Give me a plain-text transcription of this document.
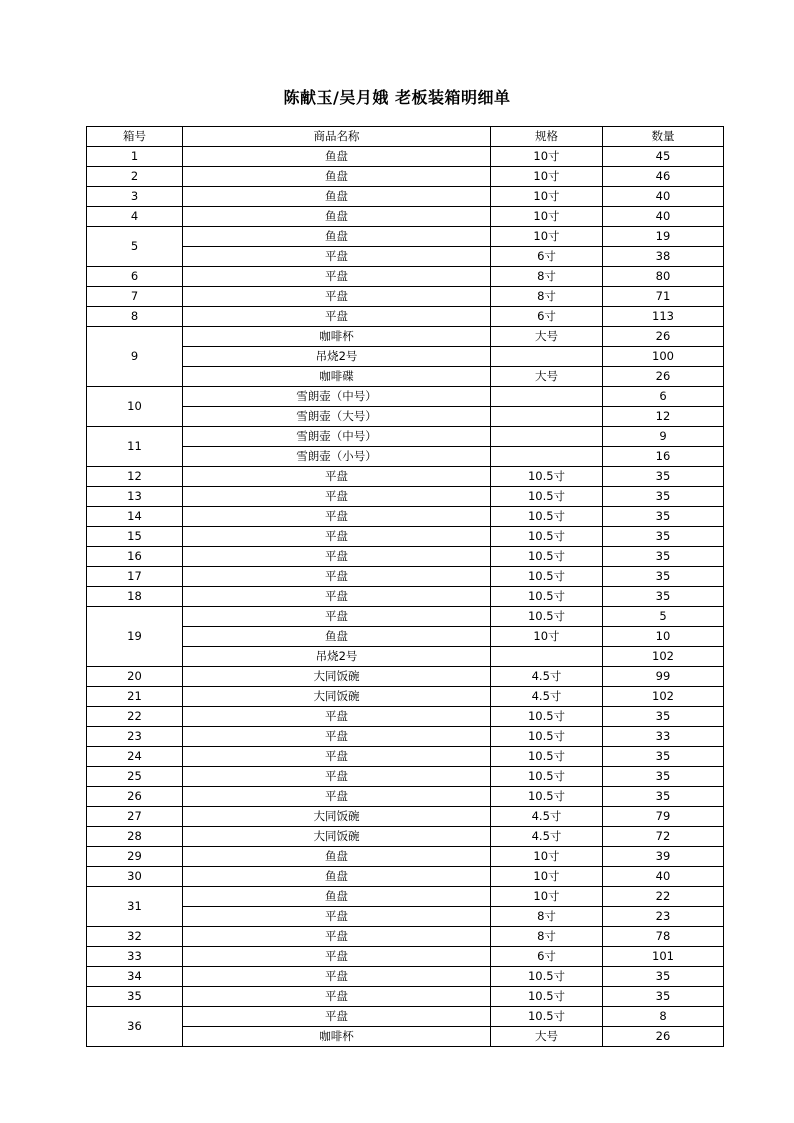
陈献玉/吴月娥 老板装箱明细单
箱号	商品名称	规格	数量
1	鱼盘	10寸	45
2	鱼盘	10寸	46
3	鱼盘	10寸	40
4	鱼盘	10寸	40
5	鱼盘	10寸	19
	平盘	6寸	38
6	平盘	8寸	80
7	平盘	8寸	71
8	平盘	6寸	113
9	咖啡杯	大号	26
	吊烧2号		100
	咖啡碟	大号	26
10	雪朗壶（中号）		6
	雪朗壶（大号）		12
11	雪朗壶（中号）		9
	雪朗壶（小号）		16
12	平盘	10.5寸	35
13	平盘	10.5寸	35
14	平盘	10.5寸	35
15	平盘	10.5寸	35
16	平盘	10.5寸	35
17	平盘	10.5寸	35
18	平盘	10.5寸	35
19	平盘	10.5寸	5
	鱼盘	10寸	10
	吊烧2号		102
20	大同饭碗	4.5寸	99
21	大同饭碗	4.5寸	102
22	平盘	10.5寸	35
23	平盘	10.5寸	33
24	平盘	10.5寸	35
25	平盘	10.5寸	35
26	平盘	10.5寸	35
27	大同饭碗	4.5寸	79
28	大同饭碗	4.5寸	72
29	鱼盘	10寸	39
30	鱼盘	10寸	40
31	鱼盘	10寸	22
	平盘	8寸	23
32	平盘	8寸	78
33	平盘	6寸	101
34	平盘	10.5寸	35
35	平盘	10.5寸	35
36	平盘	10.5寸	8
	咖啡杯	大号	26
